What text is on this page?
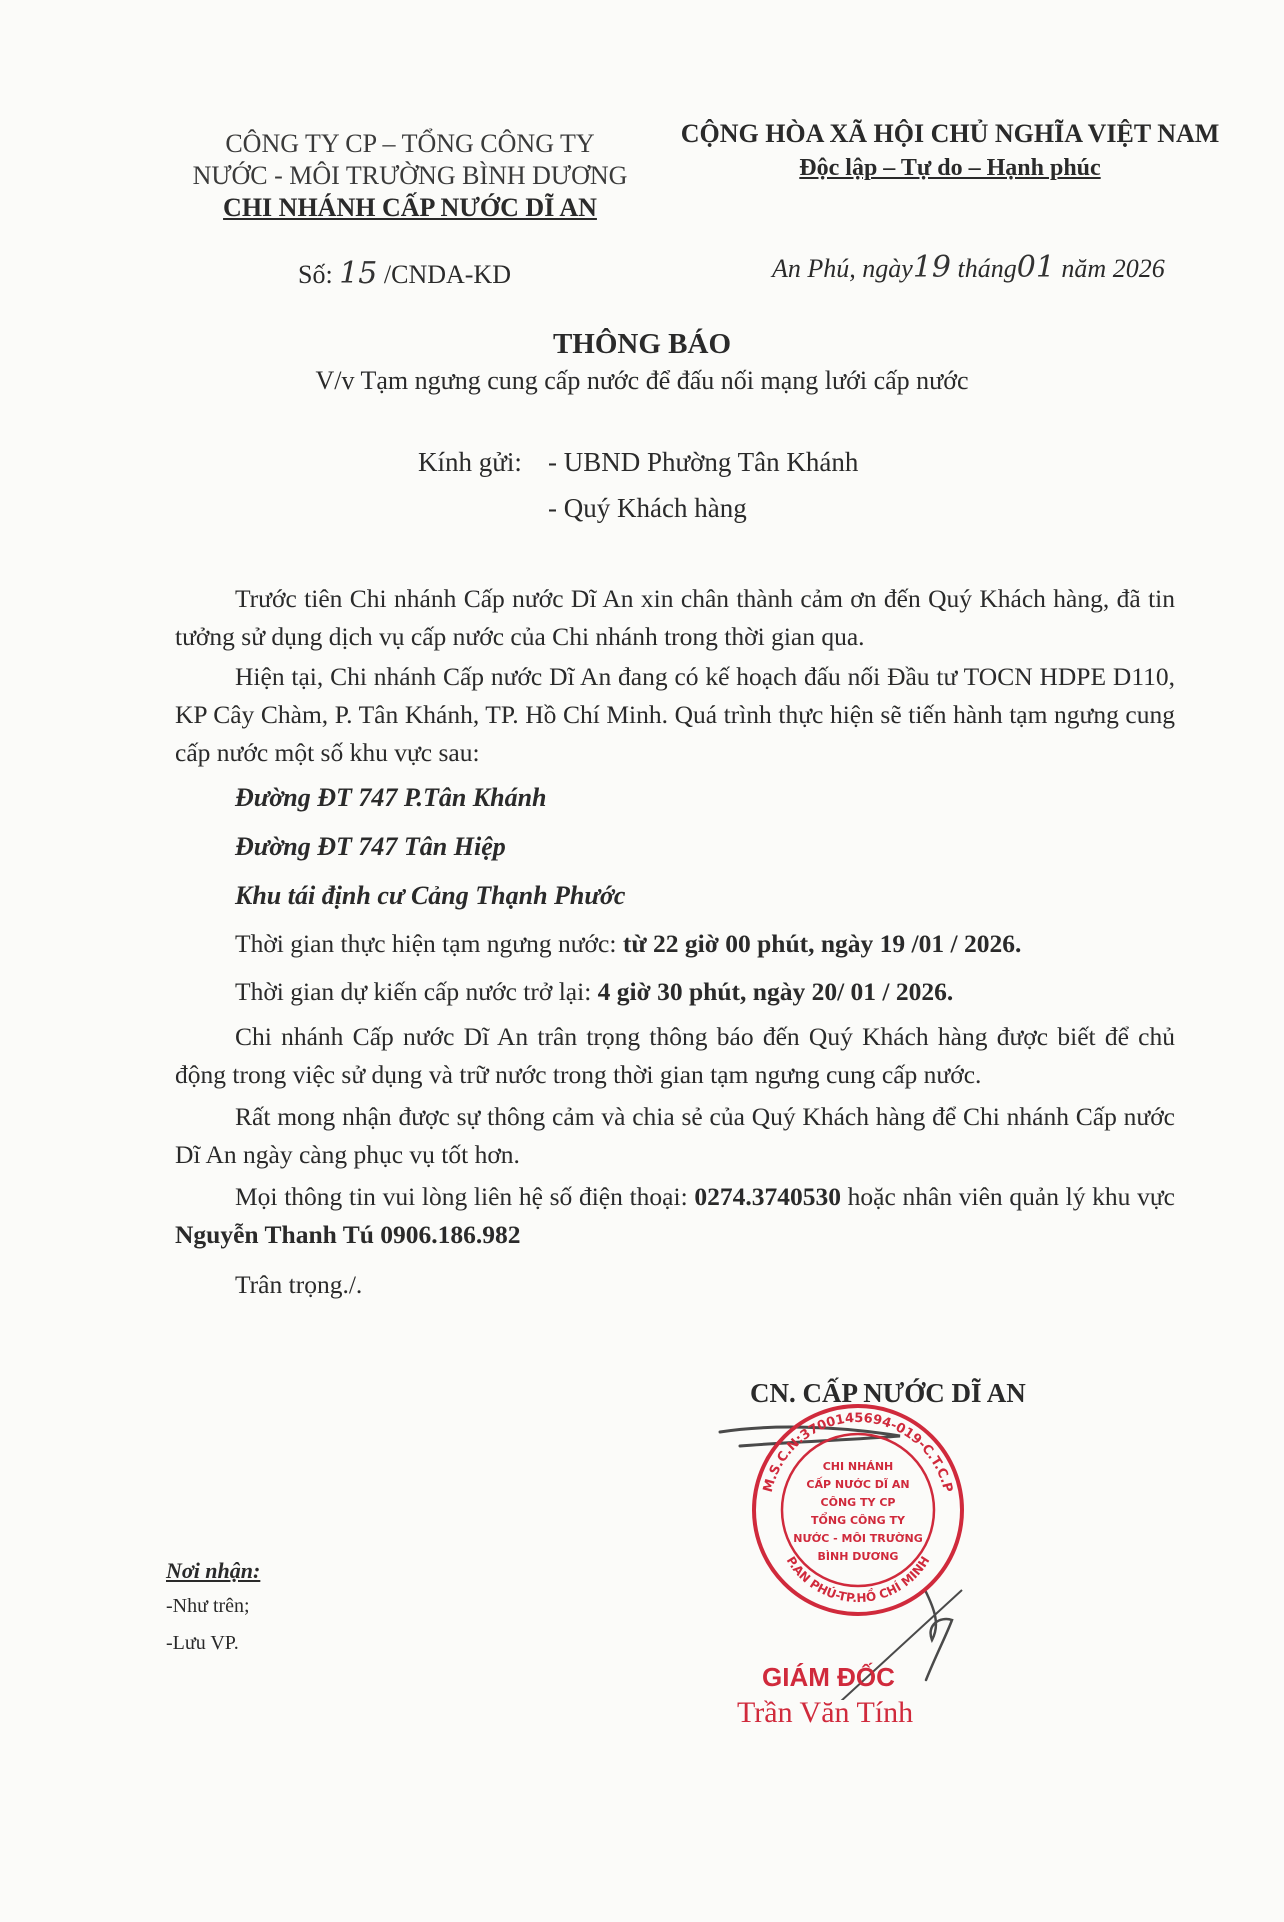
CÔNG TY CP – TỔNG CÔNG TY
NƯỚC - MÔI TRƯỜNG BÌNH DƯƠNG
CHI NHÁNH CẤP NƯỚC DĨ AN
CỘNG HÒA XÃ HỘI CHỦ NGHĨA VIỆT NAM
Độc lập – Tự do – Hạnh phúc
Số: 15 /CNDA-KD	An Phú, ngày19 tháng01 năm 2026
THÔNG BÁO
V/v Tạm ngưng cung cấp nước để đấu nối mạng lưới cấp nước
Kính gửi: - UBND Phường Tân Khánh
- Quý Khách hàng
Trước tiên Chi nhánh Cấp nước Dĩ An xin chân thành cảm ơn đến Quý Khách hàng, đã tin tưởng sử dụng dịch vụ cấp nước của Chi nhánh trong thời gian qua.
Hiện tại, Chi nhánh Cấp nước Dĩ An đang có kế hoạch đấu nối Đầu tư TOCN HDPE D110, KP Cây Chàm, P. Tân Khánh, TP. Hồ Chí Minh. Quá trình thực hiện sẽ tiến hành tạm ngưng cung cấp nước một số khu vực sau:
Đường ĐT 747 P.Tân Khánh
Đường ĐT 747 Tân Hiệp
Khu tái định cư Cảng Thạnh Phước
Thời gian thực hiện tạm ngưng nước: từ 22 giờ 00 phút, ngày 19 /01 / 2026.
Thời gian dự kiến cấp nước trở lại: 4 giờ 30 phút, ngày 20/ 01 / 2026.
Chi nhánh Cấp nước Dĩ An trân trọng thông báo đến Quý Khách hàng được biết để chủ động trong việc sử dụng và trữ nước trong thời gian tạm ngưng cung cấp nước.
Rất mong nhận được sự thông cảm và chia sẻ của Quý Khách hàng để Chi nhánh Cấp nước Dĩ An ngày càng phục vụ tốt hơn.
Mọi thông tin vui lòng liên hệ số điện thoại: 0274.3740530 hoặc nhân viên quản lý khu vực Nguyễn Thanh Tú 0906.186.982
Trân trọng./.
CN. CẤP NƯỚC DĨ AN
M.S.C.N:3700145694-019-C.T.C.P
P.AN PHÚ-TP.HỒ CHÍ MINH
CHI NHÁNH
CẤP NƯỚC DĨ AN
CÔNG TY CP
TỔNG CÔNG TY
NƯỚC - MÔI TRƯỜNG
BÌNH DƯƠNG
GIÁM ĐỐC
Trần Văn Tính
Nơi nhận:
-Như trên;
-Lưu VP.
